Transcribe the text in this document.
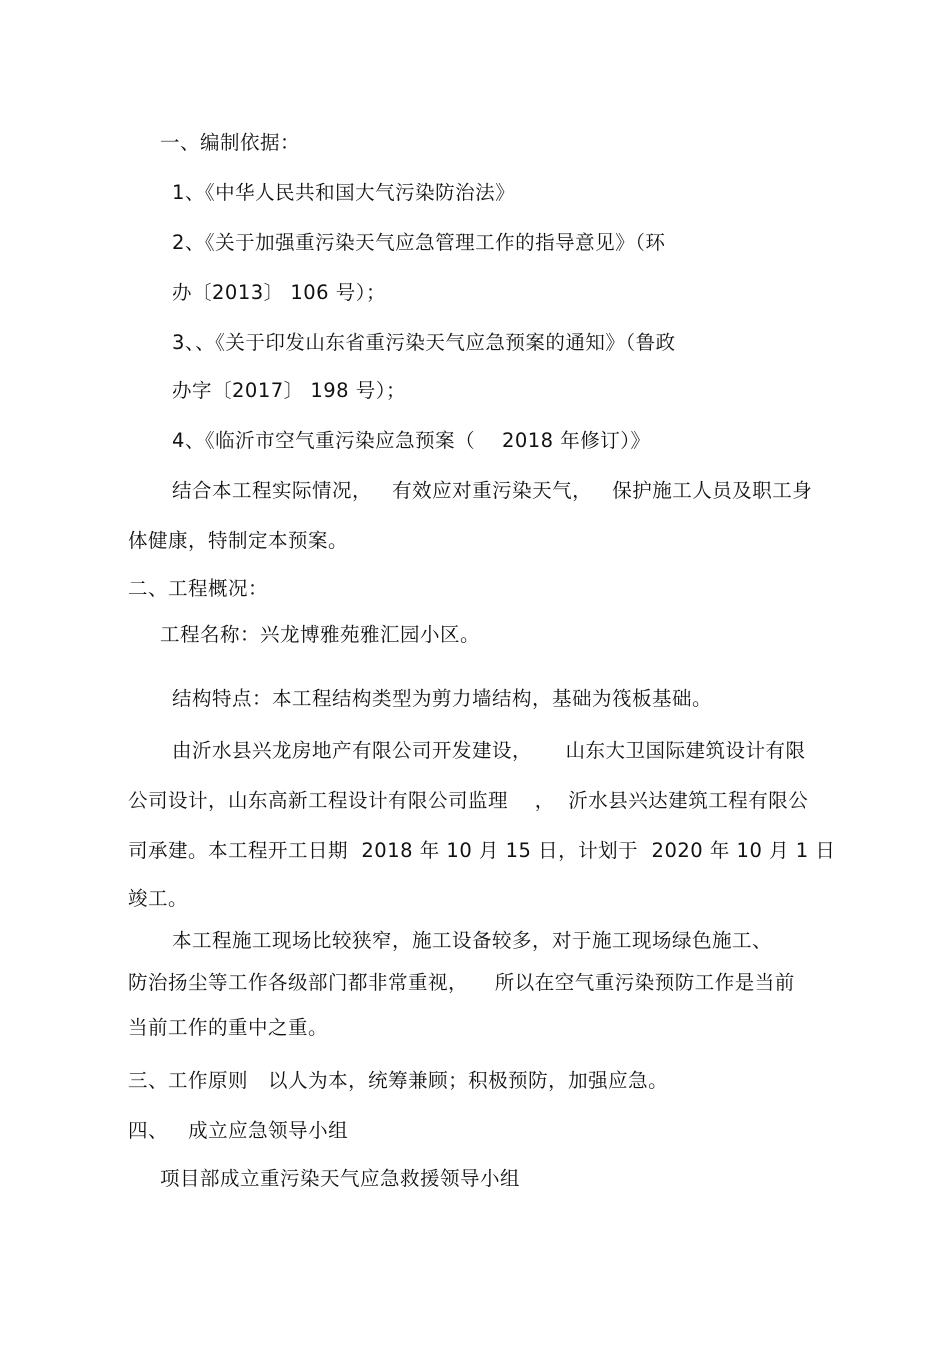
一、编制依据：
1、《中华人民共和国大气污染防治法》
2、《关于加强重污染天气应急管理工作的指导意见》（环
办〔2013〕 106 号）；
3、、《关于印发山东省重污染天气应急预案的通知》（鲁政
办字〔2017〕 198 号）；
4、《临沂市空气重污染应急预案（    2018 年修订）》
结合本工程实际情况，   有效应对重污染天气，   保护施工人员及职工身
体健康，特制定本预案。
二、工程概况：
工程名称：兴龙博雅苑雅汇园小区。
结构特点：本工程结构类型为剪力墙结构，基础为筏板基础。
由沂水县兴龙房地产有限公司开发建设，     山东大卫国际建筑设计有限
公司设计，山东高新工程设计有限公司监理    ，  沂水县兴达建筑工程有限公
司承建。本工程开工日期  2018 年 10 月 15 日，计划于  2020 年 10 月 1 日
竣工。
本工程施工现场比较狭窄，施工设备较多，对于施工现场绿色施工、
防治扬尘等工作各级部门都非常重视，    所以在空气重污染预防工作是当前
当前工作的重中之重。
三、工作原则   以人为本，统筹兼顾；积极预防，加强应急。
四、   成立应急领导小组
项目部成立重污染天气应急救援领导小组
